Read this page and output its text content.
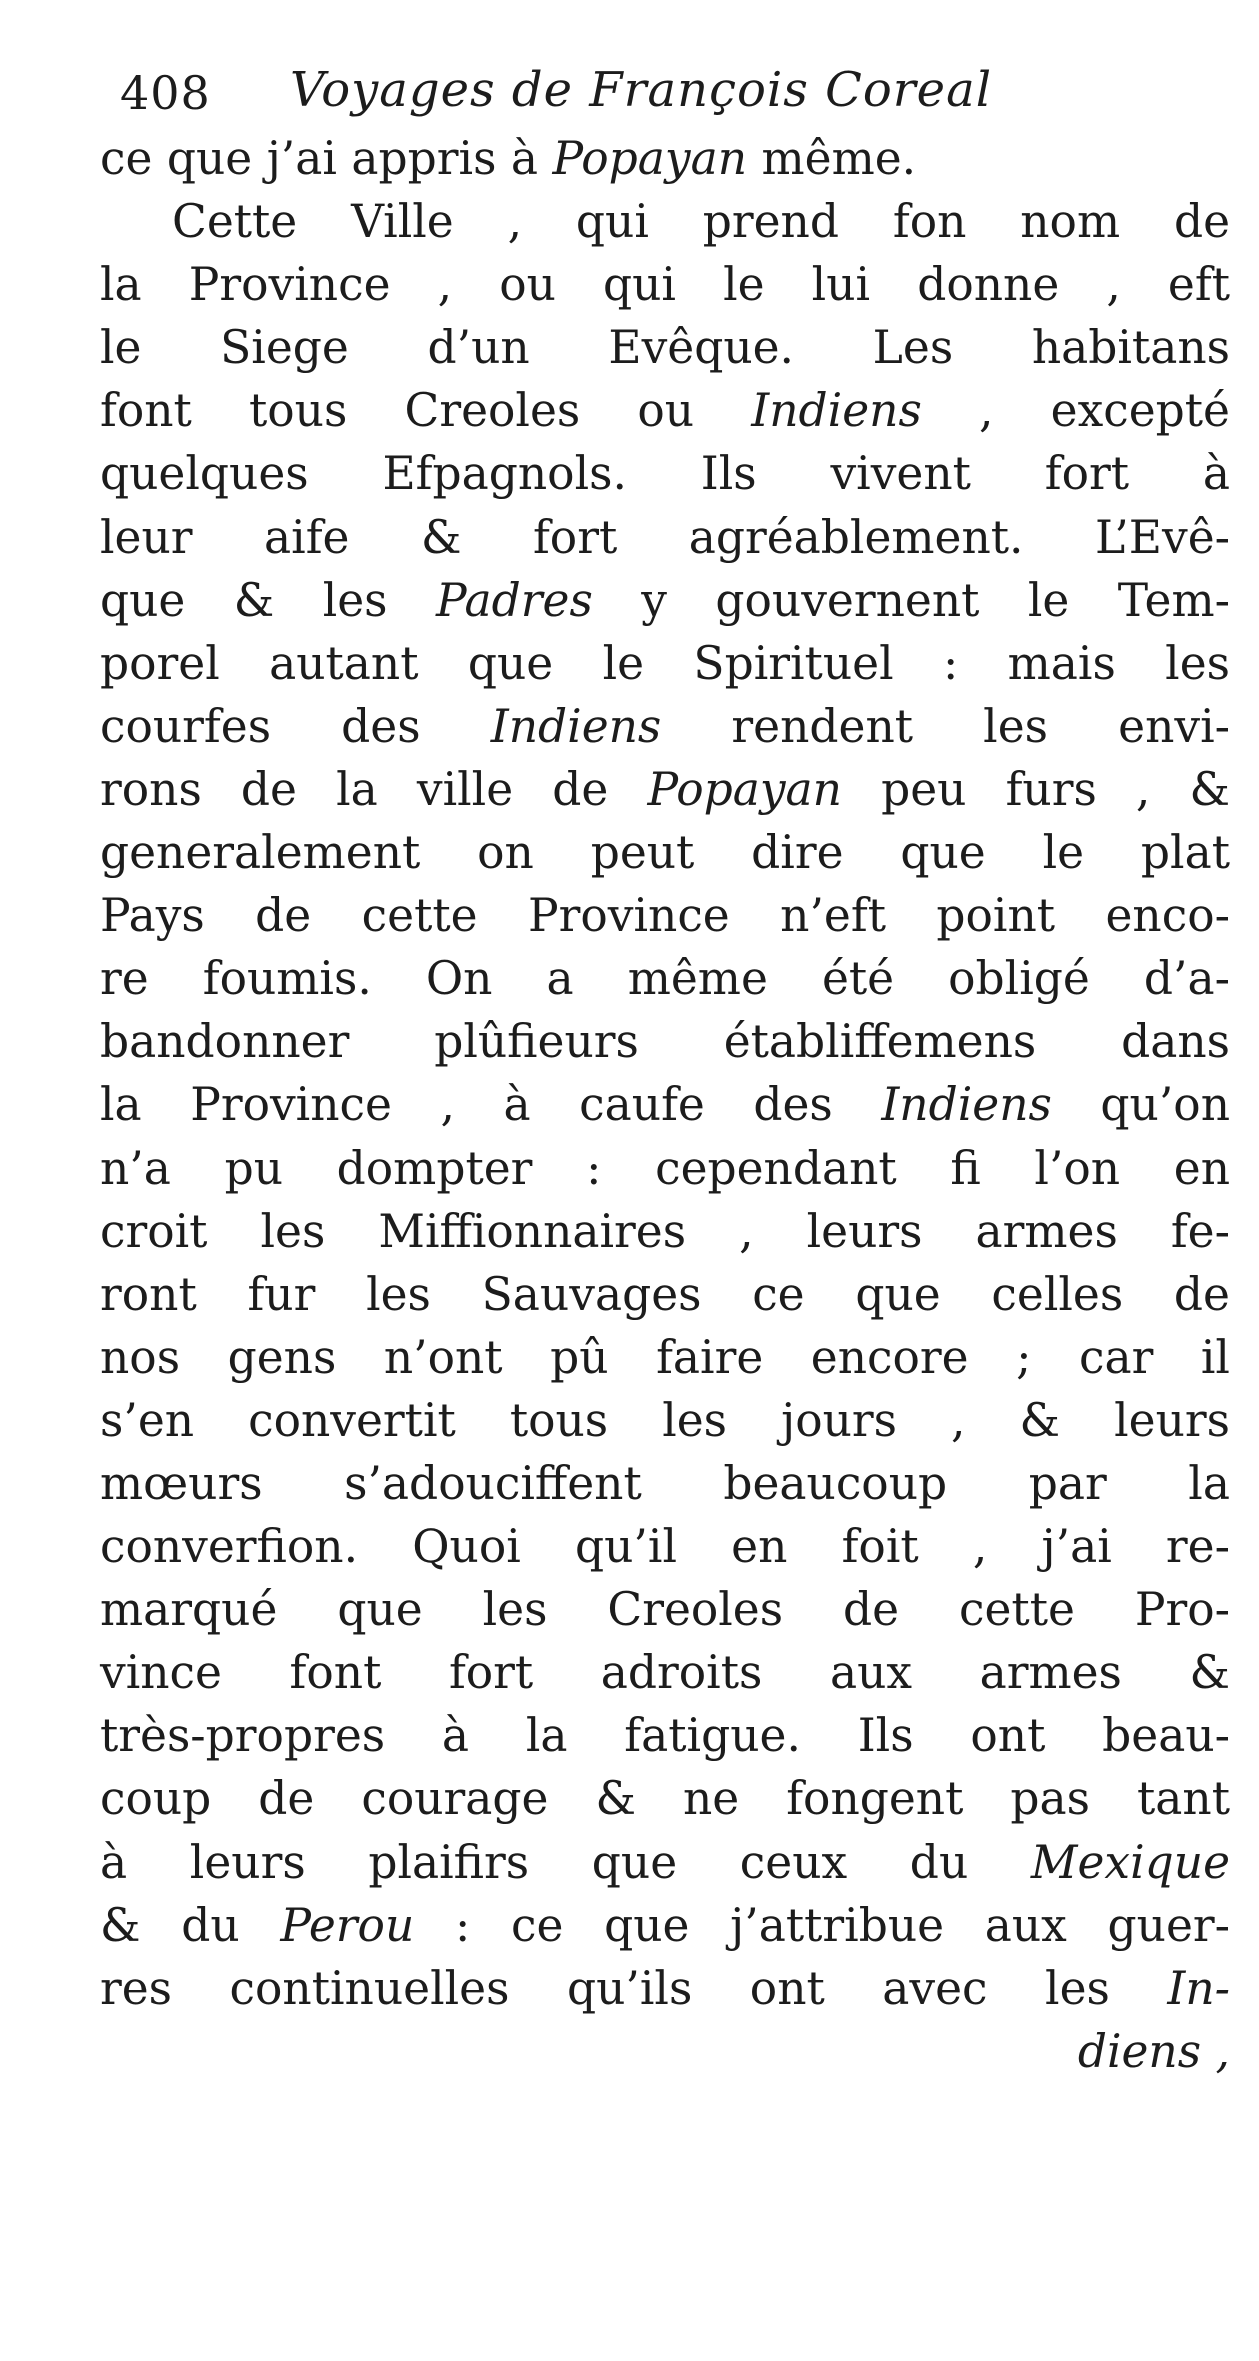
408 Voyages de François Coreal
ce que j’ai appris à Popayan même.
Cette Ville , qui prend fon nom de
la Province , ou qui le lui donne , eft
le Siege d’un Evêque. Les habitans
font tous Creoles ou Indiens , excepté
quelques Efpagnols. Ils vivent fort à
leur aife & fort agréablement. L’Evê-
que & les Padres y gouvernent le Tem-
porel autant que le Spirituel : mais les
courfes des Indiens rendent les envi-
rons de la ville de Popayan peu furs , &
generalement on peut dire que le plat
Pays de cette Province n’eft point enco-
re foumis. On a même été obligé d’a-
bandonner plûfieurs établiffemens dans
la Province , à caufe des Indiens qu’on
n’a pu dompter : cependant fi l’on en
croit les Miffionnaires , leurs armes fe-
ront fur les Sauvages ce que celles de
nos gens n’ont pû faire encore ; car il
s’en convertit tous les jours , & leurs
mœurs s’adouciffent beaucoup par la
converfion. Quoi qu’il en foit , j’ai re-
marqué que les Creoles de cette Pro-
vince font fort adroits aux armes &
très-propres à la fatigue. Ils ont beau-
coup de courage & ne fongent pas tant
à leurs plaifirs que ceux du Mexique
& du Perou : ce que j’attribue aux guer-
res continuelles qu’ils ont avec les In-
diens ,
